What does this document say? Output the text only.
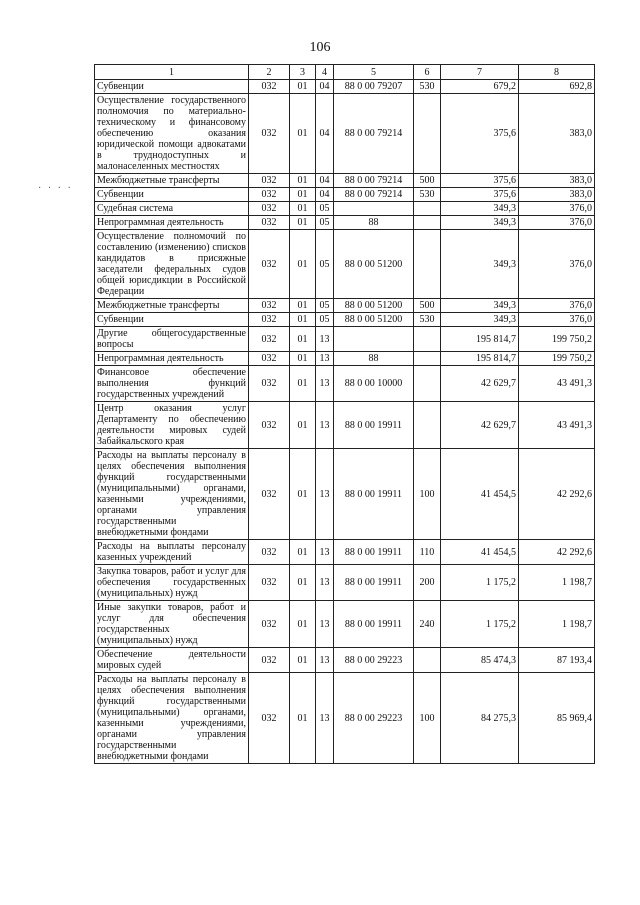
106
· · · ·
1	2	3	4	5	6	7	8
Субвенции	032	01	04	88 0 00 79207	530	679,2	692,8
Осуществление государственного полномочия по материально-техническому и финансовому обеспечению оказания юридической помощи адвокатами в труднодоступных и малонаселенных местностях	032	01	04	88 0 00 79214		375,6	383,0
Межбюджетные трансферты	032	01	04	88 0 00 79214	500	375,6	383,0
Субвенции	032	01	04	88 0 00 79214	530	375,6	383,0
Судебная система	032	01	05			349,3	376,0
Непрограммная деятельность	032	01	05	88		349,3	376,0
Осуществление полномочий по составлению (изменению) списков кандидатов в присяжные заседатели федеральных судов общей юрисдикции в Российской Федерации	032	01	05	88 0 00 51200		349,3	376,0
Межбюджетные трансферты	032	01	05	88 0 00 51200	500	349,3	376,0
Субвенции	032	01	05	88 0 00 51200	530	349,3	376,0
Другие общегосударственные вопросы	032	01	13			195 814,7	199 750,2
Непрограммная деятельность	032	01	13	88		195 814,7	199 750,2
Финансовое обеспечение выполнения функций государственных учреждений	032	01	13	88 0 00 10000		42 629,7	43 491,3
Центр оказания услуг Департаменту по обеспечению деятельности мировых судей Забайкальского края	032	01	13	88 0 00 19911		42 629,7	43 491,3
Расходы на выплаты персоналу в целях обеспечения выполнения функций государственными (муниципальными) органами, казенными учреждениями, органами управления государственными внебюджетными фондами	032	01	13	88 0 00 19911	100	41 454,5	42 292,6
Расходы на выплаты персоналу казенных учреждений	032	01	13	88 0 00 19911	110	41 454,5	42 292,6
Закупка товаров, работ и услуг для обеспечения государственных (муниципальных) нужд	032	01	13	88 0 00 19911	200	1 175,2	1 198,7
Иные закупки товаров, работ и услуг для обеспечения государственных (муниципальных) нужд	032	01	13	88 0 00 19911	240	1 175,2	1 198,7
Обеспечение деятельности мировых судей	032	01	13	88 0 00 29223		85 474,3	87 193,4
Расходы на выплаты персоналу в целях обеспечения выполнения функций государственными (муниципальными) органами, казенными учреждениями, органами управления государственными внебюджетными фондами	032	01	13	88 0 00 29223	100	84 275,3	85 969,4
